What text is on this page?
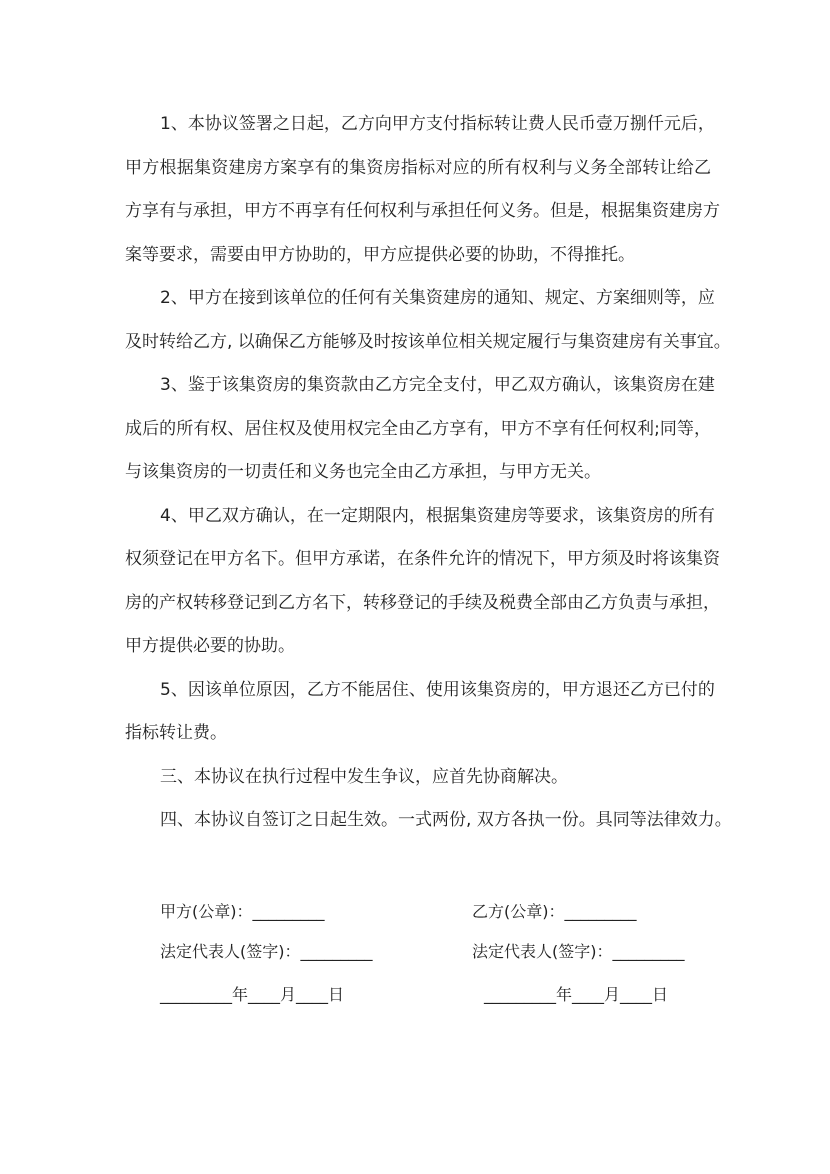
1、本协议签署之日起，乙方向甲方支付指标转让费人民币壹万捌仟元后，
甲方根据集资建房方案享有的集资房指标对应的所有权利与义务全部转让给乙
方享有与承担，甲方不再享有任何权利与承担任何义务。但是，根据集资建房方
案等要求，需要由甲方协助的，甲方应提供必要的协助，不得推托。
2、甲方在接到该单位的任何有关集资建房的通知、规定、方案细则等，应
及时转给乙方, 以确保乙方能够及时按该单位相关规定履行与集资建房有关事宜。
3、鉴于该集资房的集资款由乙方完全支付，甲乙双方确认，该集资房在建
成后的所有权、居住权及使用权完全由乙方享有，甲方不享有任何权利;同等，
与该集资房的一切责任和义务也完全由乙方承担，与甲方无关。
4、甲乙双方确认，在一定期限内，根据集资建房等要求，该集资房的所有
权须登记在甲方名下。但甲方承诺，在条件允许的情况下，甲方须及时将该集资
房的产权转移登记到乙方名下，转移登记的手续及税费全部由乙方负责与承担，
甲方提供必要的协助。
5、因该单位原因，乙方不能居住、使用该集资房的，甲方退还乙方已付的
指标转让费。
三、本协议在执行过程中发生争议，应首先协商解决。
四、本协议自签订之日起生效。一式两份, 双方各执一份。具同等法律效力。
甲方(公章)：_________	乙方(公章)：_________
法定代表人(签字)：_________	法定代表人(签字)：_________
_________年____月____日	_________年____月____日
